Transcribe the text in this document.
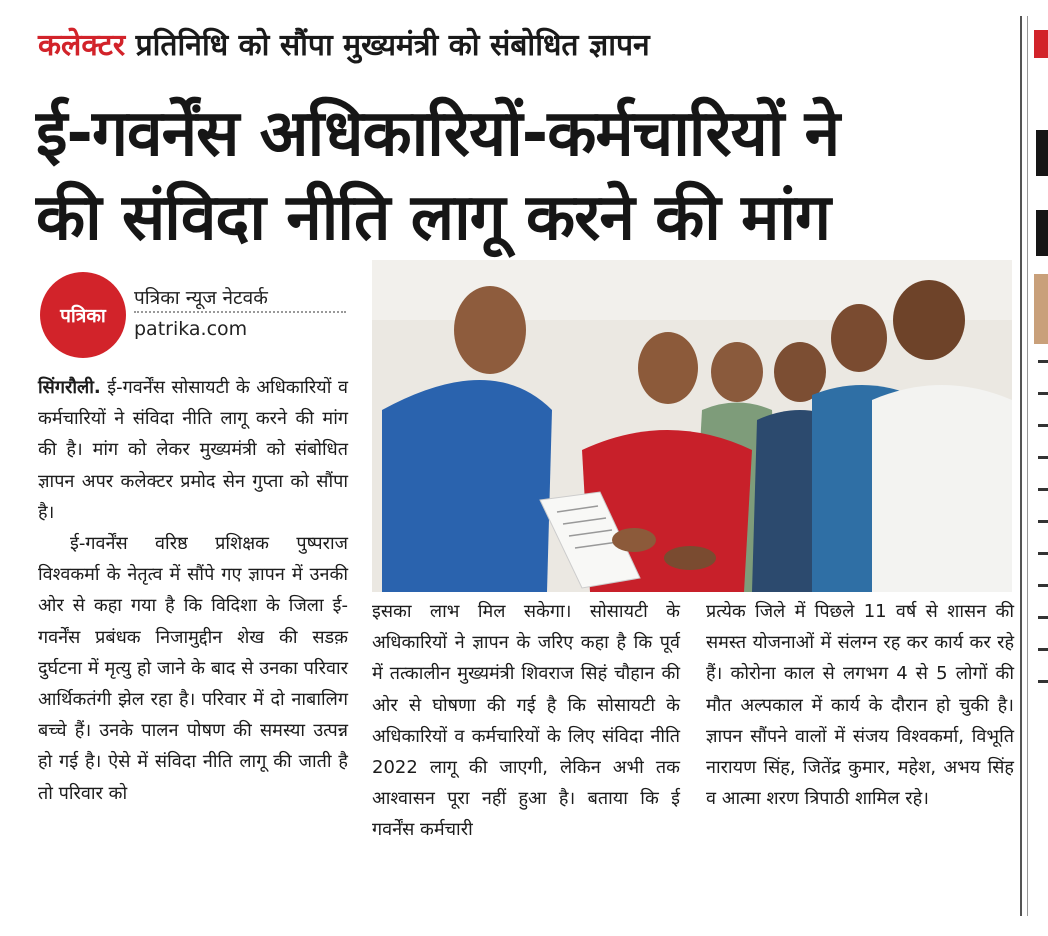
कलेक्टर प्रतिनिधि को सौंपा मुख्यमंत्री को संबोधित ज्ञापन
ई-गवर्नेंस अधिकारियों-कर्मचारियों ने
की संविदा नीति लागू करने की मांग
पत्रिका
पत्रिका न्यूज नेटवर्क
patrika.com

सिंगरौली. ई-गवर्नेंस सोसायटी के अधिकारियों व कर्मचारियों ने संविदा नीति लागू करने की मांग की है। मांग को लेकर मुख्यमंत्री को संबोधित ज्ञापन अपर कलेक्टर प्रमोद सेन गुप्ता को सौंपा है।

ई-गवर्नेंस वरिष्ठ प्रशिक्षक पुष्पराज विश्वकर्मा के नेतृत्व में सौंपे गए ज्ञापन में उनकी ओर से कहा गया है कि विदिशा के जिला ई-गवर्नेंस प्रबंधक निजामुद्दीन शेख की सडक़ दुर्घटना में मृत्यु हो जाने के बाद से उनका परिवार आर्थिकतंगी झेल रहा है। परिवार में दो नाबालिग बच्चे हैं। उनके पालन पोषण की समस्या उत्पन्न हो गई है। ऐसे में संविदा नीति लागू की जाती है तो परिवार को

इसका लाभ मिल सकेगा। सोसायटी के अधिकारियों ने ज्ञापन के जरिए कहा है कि पूर्व में तत्कालीन मुख्यमंत्री शिवराज सिहं चौहान की ओर से घोषणा की गई है कि सोसायटी के अधिकारियों व कर्मचारियों के लिए संविदा नीति 2022 लागू की जाएगी, लेकिन अभी तक आश्वासन पूरा नहीं हुआ है। बताया कि ई गवर्नेंस कर्मचारी

प्रत्येक जिले में पिछले 11 वर्ष से शासन की समस्त योजनाओं में संलग्न रह कर कार्य कर रहे हैं। कोरोना काल से लगभग 4 से 5 लोगों की मौत अल्पकाल में कार्य के दौरान हो चुकी है। ज्ञापन सौंपने वालों में संजय विश्वकर्मा, विभूति नारायण सिंह, जितेंद्र कुमार, महेश, अभय सिंह व आत्मा शरण त्रिपाठी शामिल रहे।
